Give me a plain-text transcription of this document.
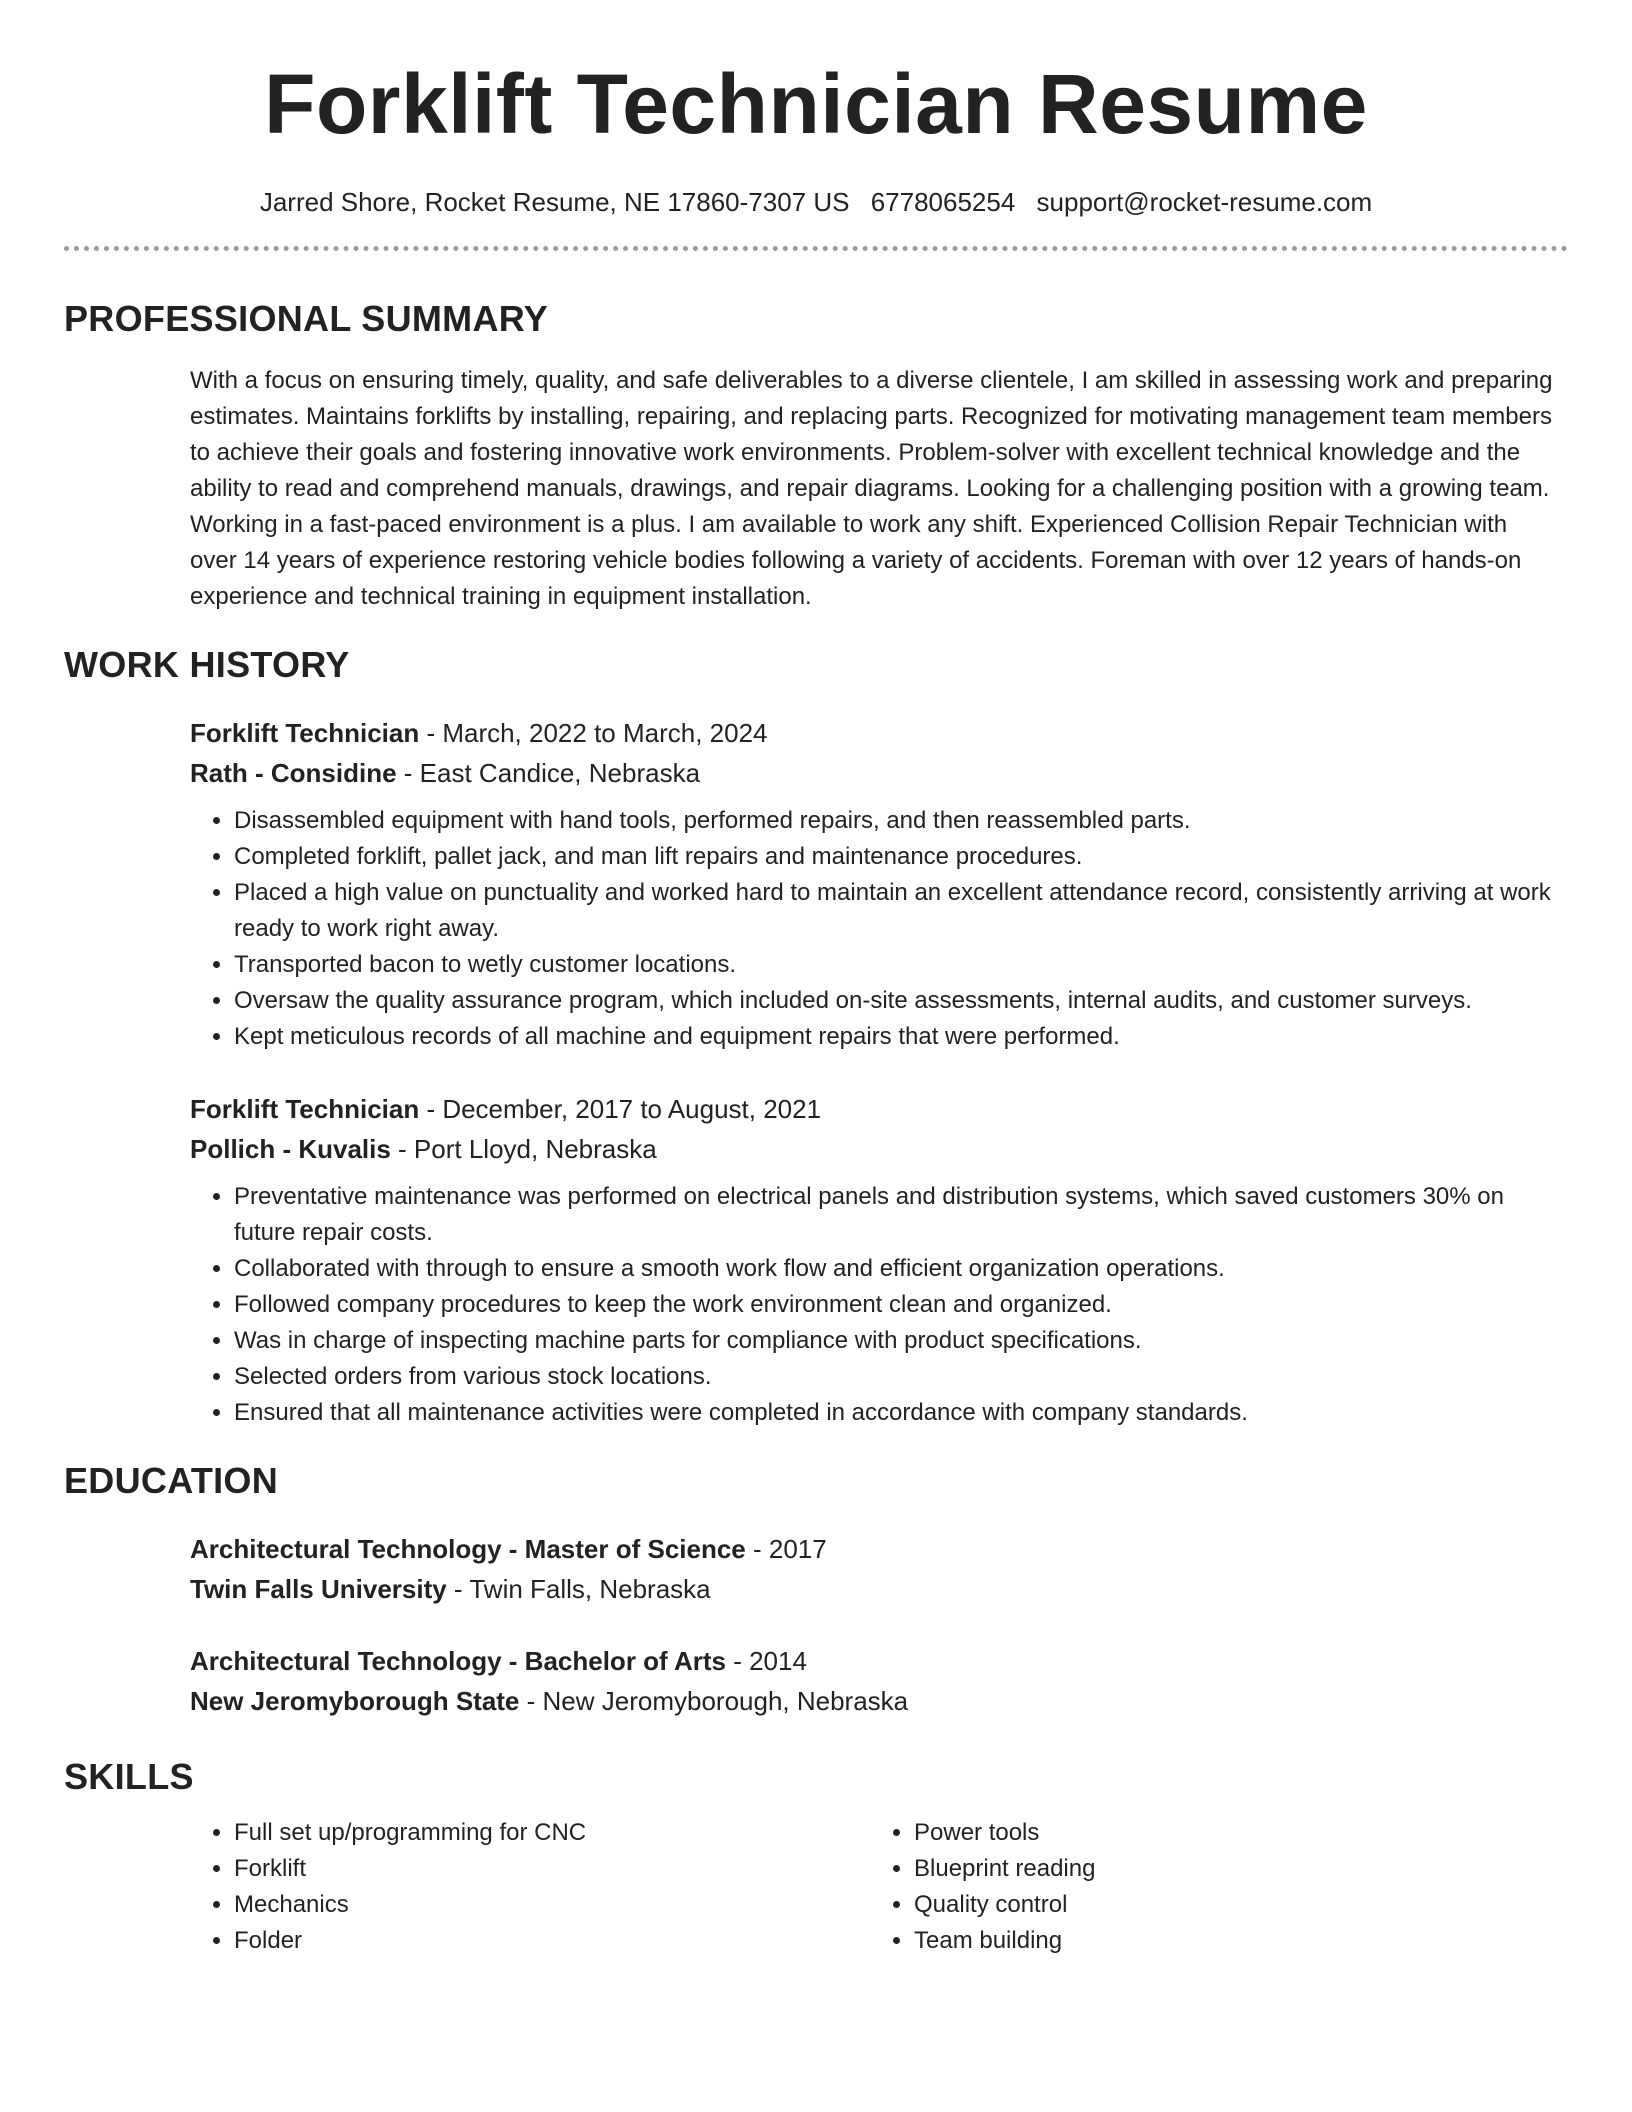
Forklift Technician Resume
Jarred Shore, Rocket Resume, NE 17860-7307 US 6778065254 support@rocket-resume.com
PROFESSIONAL SUMMARY
With a focus on ensuring timely, quality, and safe deliverables to a diverse clientele, I am skilled in assessing work and preparing estimates. Maintains forklifts by installing, repairing, and replacing parts. Recognized for motivating management team members to achieve their goals and fostering innovative work environments. Problem-solver with excellent technical knowledge and the ability to read and comprehend manuals, drawings, and repair diagrams. Looking for a challenging position with a growing team. Working in a fast-paced environment is a plus. I am available to work any shift. Experienced Collision Repair Technician with over 14 years of experience restoring vehicle bodies following a variety of accidents. Foreman with over 12 years of hands-on experience and technical training in equipment installation.
WORK HISTORY
Forklift Technician - March, 2022 to March, 2024
Rath - Considine - East Candice, Nebraska
• Disassembled equipment with hand tools, performed repairs, and then reassembled parts.
• Completed forklift, pallet jack, and man lift repairs and maintenance procedures.
• Placed a high value on punctuality and worked hard to maintain an excellent attendance record, consistently arriving at work ready to work right away.
• Transported bacon to wetly customer locations.
• Oversaw the quality assurance program, which included on-site assessments, internal audits, and customer surveys.
• Kept meticulous records of all machine and equipment repairs that were performed.
Forklift Technician - December, 2017 to August, 2021
Pollich - Kuvalis - Port Lloyd, Nebraska
• Preventative maintenance was performed on electrical panels and distribution systems, which saved customers 30% on future repair costs.
• Collaborated with through to ensure a smooth work flow and efficient organization operations.
• Followed company procedures to keep the work environment clean and organized.
• Was in charge of inspecting machine parts for compliance with product specifications.
• Selected orders from various stock locations.
• Ensured that all maintenance activities were completed in accordance with company standards.
EDUCATION
Architectural Technology - Master of Science - 2017
Twin Falls University - Twin Falls, Nebraska
Architectural Technology - Bachelor of Arts - 2014
New Jeromyborough State - New Jeromyborough, Nebraska
SKILLS
• Full set up/programming for CNC
• Forklift
• Mechanics
• Folder
• Power tools
• Blueprint reading
• Quality control
• Team building
